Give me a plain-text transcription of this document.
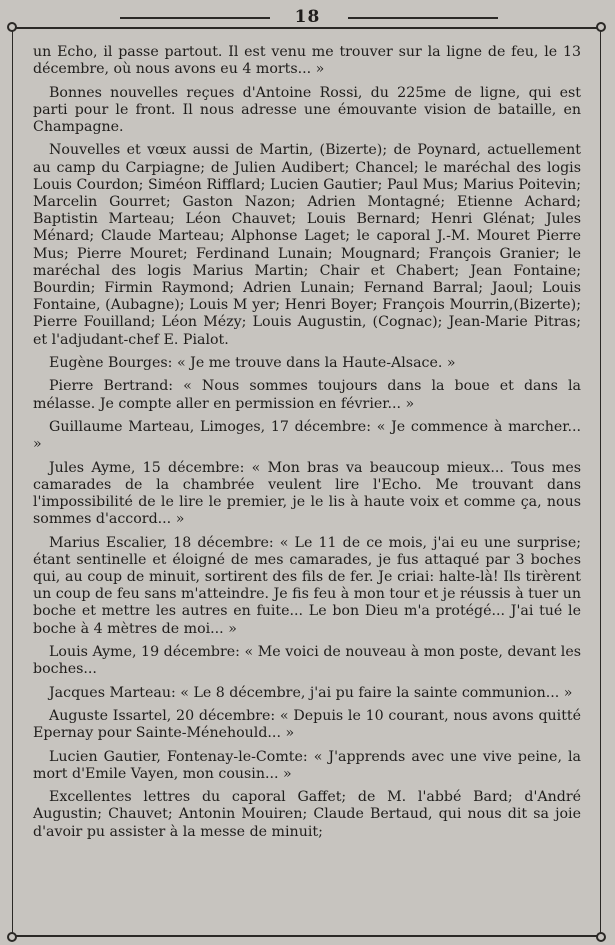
18

un Echo, il passe partout. Il est venu me trouver sur la ligne de feu, le 13 décembre, où nous avons eu 4 morts... »

Bonnes nouvelles reçues d'Antoine Rossi, du 225me de ligne, qui est parti pour le front. Il nous adresse une émouvante vision de bataille, en Champagne.

Nouvelles et vœux aussi de Martin, (Bizerte); de Poynard, actuellement au camp du Carpiagne; de Julien Audibert; Chancel; le maréchal des logis Louis Courdon; Siméon Rifflard; Lucien Gautier; Paul Mus; Marius Poitevin; Marcelin Gourret; Gaston Nazon; Adrien Montagné; Etienne Achard; Baptistin Marteau; Léon Chauvet; Louis Bernard; Henri Glénat; Jules Ménard; Claude Marteau; Alphonse Laget; le caporal J.-M. Mouret Pierre Mus; Pierre Mouret; Ferdinand Lunain; Mougnard; François Granier; le maréchal des logis Marius Martin; Chair et Chabert; Jean Fontaine; Bourdin; Firmin Raymond; Adrien Lunain; Fernand Barral; Jaoul; Louis Fontaine, (Aubagne); Louis M yer; Henri Boyer; François Mourrin,(Bizerte); Pierre Fouilland; Léon Mézy; Louis Augustin, (Cognac); Jean-Marie Pitras; et l'adjudant-chef E. Pialot.

Eugène Bourges: « Je me trouve dans la Haute-Alsace. »

Pierre Bertrand: « Nous sommes toujours dans la boue et dans la mélasse. Je compte aller en permission en février... »

Guillaume Marteau, Limoges, 17 décembre: « Je commence à marcher... »

Jules Ayme, 15 décembre: « Mon bras va beaucoup mieux... Tous mes camarades de la chambrée veulent lire l'Echo. Me trouvant dans l'impossibilité de le lire le premier, je le lis à haute voix et comme ça, nous sommes d'accord... »

Marius Escalier, 18 décembre: « Le 11 de ce mois, j'ai eu une surprise; étant sentinelle et éloigné de mes camarades, je fus attaqué par 3 boches qui, au coup de minuit, sortirent des fils de fer. Je criai: halte-là! Ils tirèrent un coup de feu sans m'atteindre. Je fis feu à mon tour et je réussis à tuer un boche et mettre les autres en fuite... Le bon Dieu m'a protégé... J'ai tué le boche à 4 mètres de moi... »

Louis Ayme, 19 décembre: « Me voici de nouveau à mon poste, devant les boches...

Jacques Marteau: « Le 8 décembre, j'ai pu faire la sainte communion... »

Auguste Issartel, 20 décembre: « Depuis le 10 courant, nous avons quitté Epernay pour Sainte-Ménehould... »

Lucien Gautier, Fontenay-le-Comte: « J'apprends avec une vive peine, la mort d'Emile Vayen, mon cousin... »

Excellentes lettres du caporal Gaffet; de M. l'abbé Bard; d'André Augustin; Chauvet; Antonin Mouiren; Claude Bertaud, qui nous dit sa joie d'avoir pu assister à la messe de minuit;
